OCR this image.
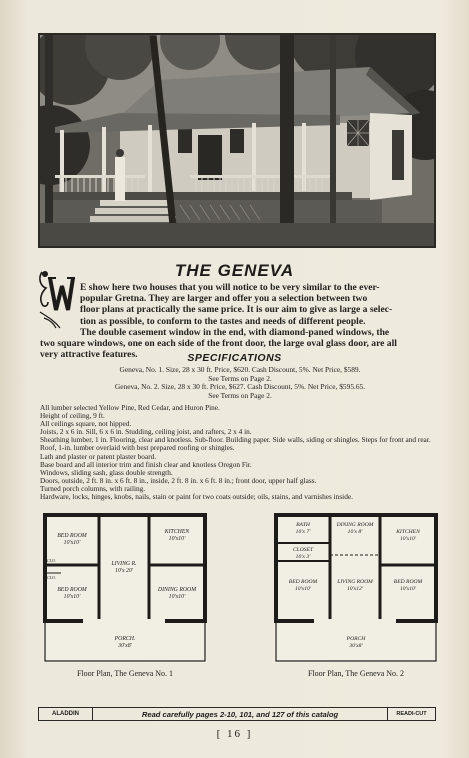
THE GENEVA
E show here two houses that you will notice to be very similar to the ever-
popular Gretna. They are larger and offer you a selection between two
floor plans at practically the same price. It is our aim to give as large a selec-
tion as possible, to conform to the tastes and needs of different people.
The double casement window in the end, with diamond-paned windows, the
two square windows, one on each side of the front door, the large oval glass door, are all
very attractive features.	SPECIFICATIONS
Geneva, No. 1. Size, 28 x 30 ft. Price, $620. Cash Discount, 5%. Net Price, $589.
See Terms on Page 2.
Geneva, No. 2. Size, 28 x 30 ft. Price, $627. Cash Discount, 5%. Net Price, $595.65.
See Terms on Page 2.
All lumber selected Yellow Pine, Red Cedar, and Huron Pine.
Height of ceiling, 9 ft.
All ceilings square, not hipped.
Joists, 2 x 6 in. Sill, 6 x 6 in. Studding, ceiling joist, and rafters, 2 x 4 in.
Sheathing lumber, 1 in. Flooring, clear and knotless. Sub-floor. Building paper. Side walls, siding or shingles. Steps for front and rear.
Roof, 1-in. lumber overlaid with best prepared roofing or shingles.
Lath and plaster or patent plaster board.
Base board and all interior trim and finish clear and knotless Oregon Fir.
Windows, sliding sash, glass double strength.
Doors, outside, 2 ft. 8 in. x 6 ft. 8 in., inside, 2 ft. 8 in. x 6 ft. 8 in.; front door, upper half glass.
Turned porch columns, with railing.
Hardware, locks, hinges, knobs, nails, stain or paint for two coats outside; oils, stains, and varnishes inside.
BED ROOM
10'x10'
KITCHEN
10'x10'
LIVING R.
10'x 20'
BED ROOM
10'x10'
DINING ROOM
10'x10'
PORCH.
30'x8'
CLO.
CLO.
BATH
10'x 7'
DINING ROOM
10'x 8'	KITCHEN
10'x10'
CLOSET
10'x 3'
BED ROOM
10'x10'
LIVING ROOM
10'x12'
BED ROOM
10'x10'
PORCH
30'x8'
Floor Plan, The Geneva No. 1	Floor Plan, The Geneva No. 2
ALADDIN	Read carefully pages 2-10, 101, and 127 of this catalog	READI-CUT
[ 16 ]
